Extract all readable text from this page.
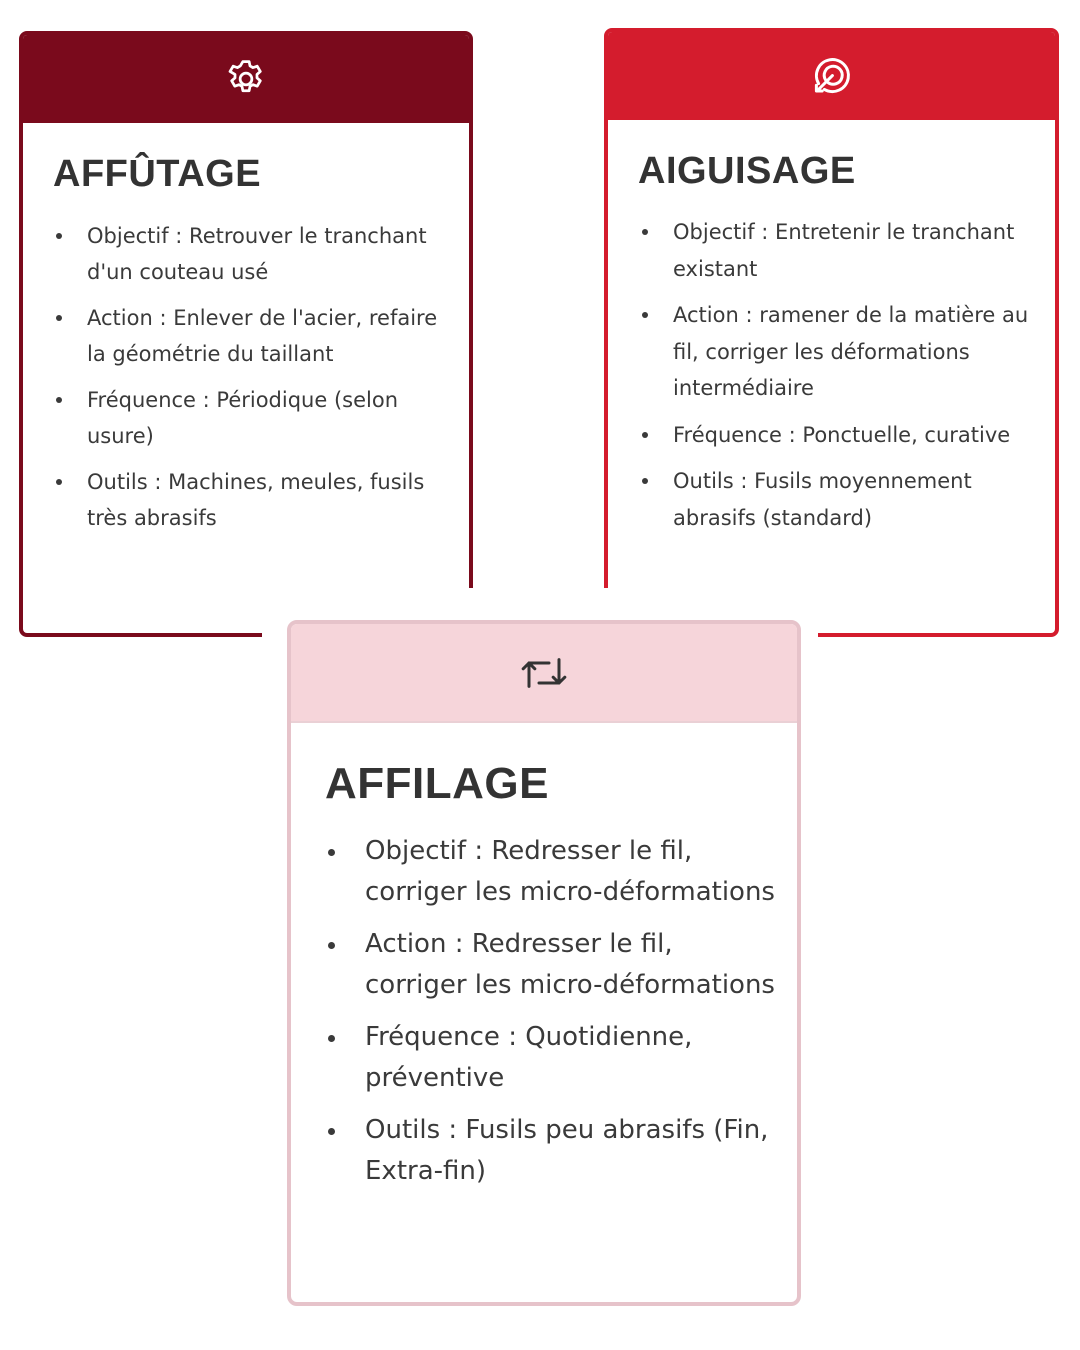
AFFÛTAGE
Objectif : Retrouver le tranchant d'un couteau usé
Action : Enlever de l'acier, refaire la géométrie du taillant
Fréquence : Périodique (selon usure)
Outils : Machines, meules, fusils très abrasifs
AIGUISAGE
Objectif : Entretenir le tranchant existant
Action : ramener de la matière au fil, corriger les déformations intermédiaire
Fréquence : Ponctuelle, curative
Outils : Fusils moyennement abrasifs (standard)
AFFILAGE
Objectif : Redresser le fil, corriger les micro-déformations
Action : Redresser le fil, corriger les micro-déformations
Fréquence : Quotidienne, préventive
Outils : Fusils peu abrasifs (Fin, Extra-fin)
